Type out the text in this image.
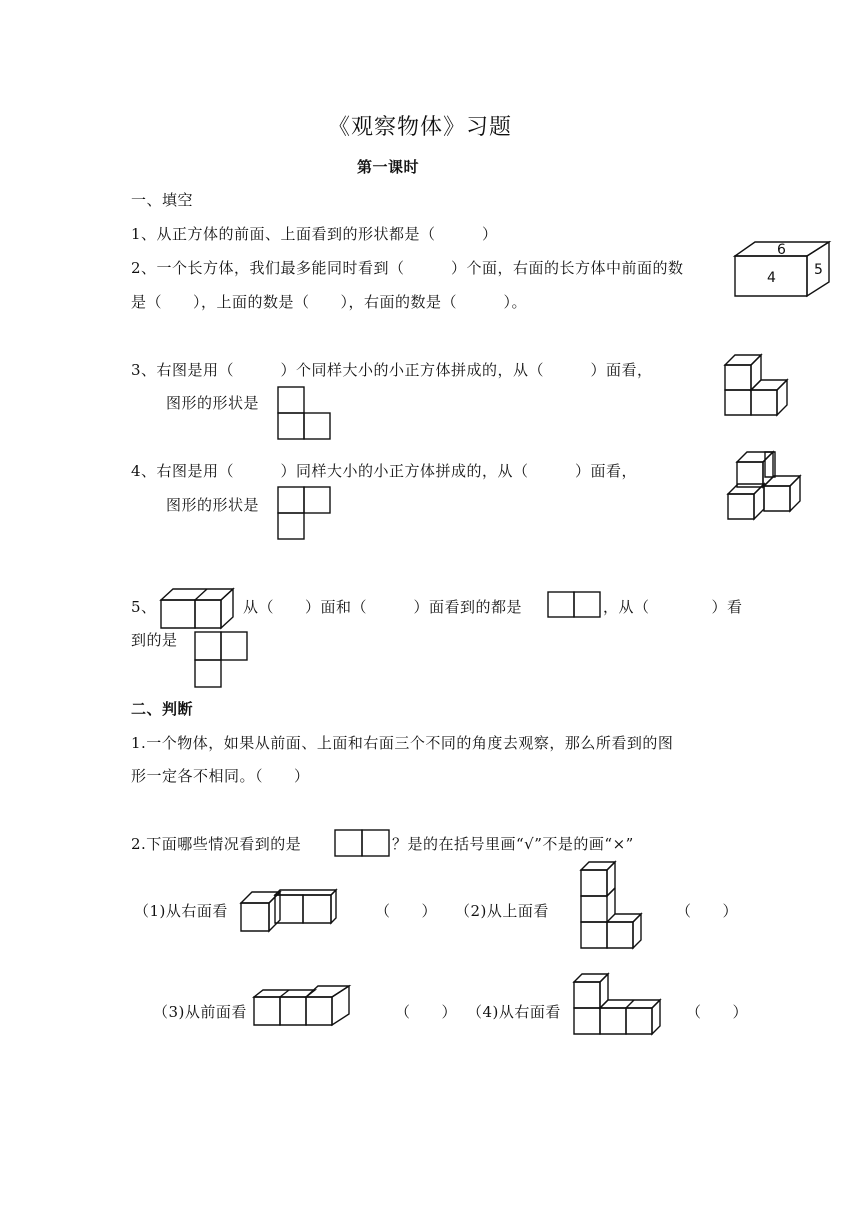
《观察物体》习题
第一课时
一、填空
1、从正方体的前面、上面看到的形状都是（　　　）
2、一个长方体，我们最多能同时看到（　　　）个面，右面的长方体中前面的数
是（　　），上面的数是（　　），右面的数是（　　　）。
6
4	5
3、右图是用（　　　）个同样大小的小正方体拼成的，从（　　　）面看，
图形的形状是
4、右图是用（　　　）同样大小的小正方体拼成的，从（　　　）面看，
图形的形状是
5、	从（　　）面和（　　　）面看到的都是	，从（　　　　）看
到的是
二、判断
1.一个物体，如果从前面、上面和右面三个不同的角度去观察，那么所看到的图
形一定各不相同。（　　）
2.下面哪些情况看到的是	？是的在括号里画“√”不是的画“×”
（1)从右面看	（　　） （2)从上面看	（　　）
（3)从前面看	（　　） （4)从右面看	（　　）
